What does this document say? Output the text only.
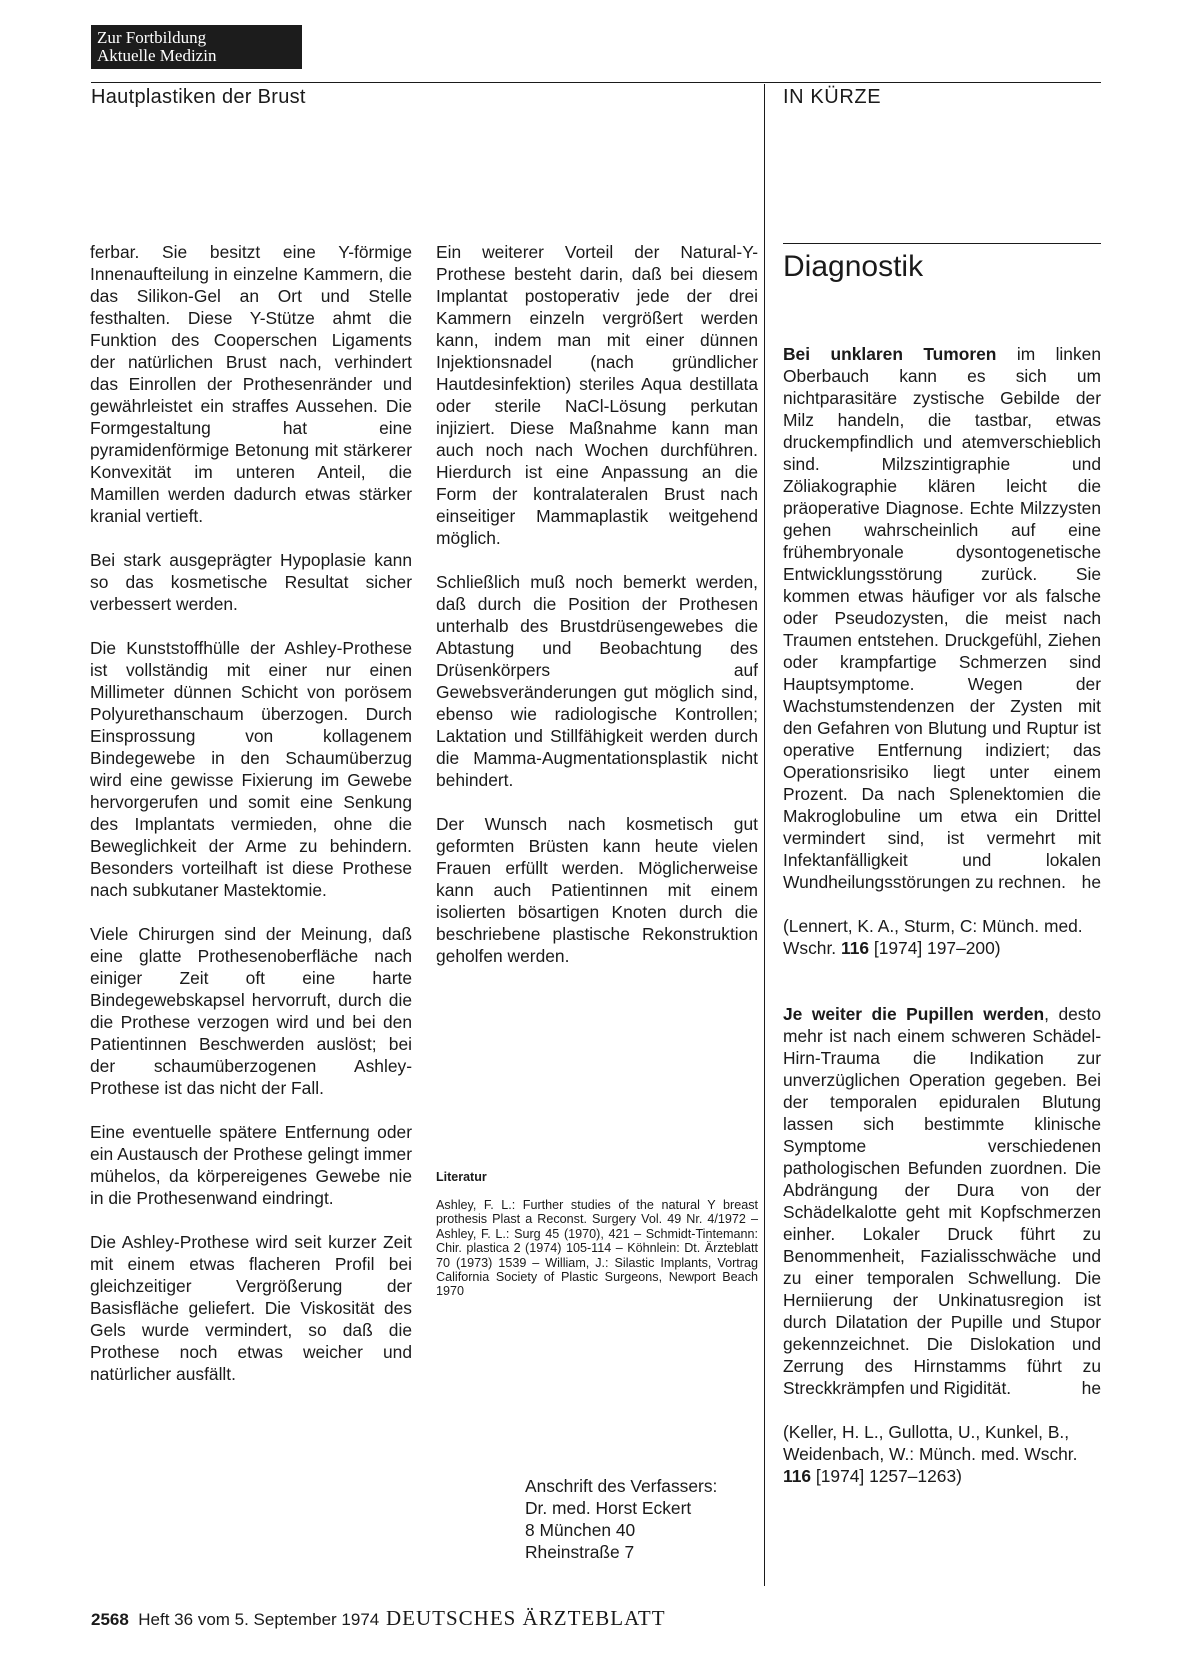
Zur Fortbildung
Aktuelle Medizin
Hautplastiken der Brust	IN KÜRZE

ferbar. Sie besitzt eine Y-förmige Innenaufteilung in einzelne Kammern, die das Silikon-Gel an Ort und Stelle festhalten. Diese Y-Stütze ahmt die Funktion des Cooperschen Ligaments der natürlichen Brust nach, verhindert das Einrollen der Prothesenränder und gewährleistet ein straffes Aussehen. Die Formgestaltung hat eine pyramidenförmige Betonung mit stärkerer Konvexität im unteren Anteil, die Mamillen werden dadurch etwas stärker kranial vertieft.

Bei stark ausgeprägter Hypoplasie kann so das kosmetische Resultat sicher verbessert werden.

Die Kunststoffhülle der Ashley-Prothese ist vollständig mit einer nur einen Millimeter dünnen Schicht von porösem Polyurethanschaum überzogen. Durch Einsprossung von kollagenem Bindegewebe in den Schaumüberzug wird eine gewisse Fixierung im Gewebe hervorgerufen und somit eine Senkung des Implantats vermieden, ohne die Beweglichkeit der Arme zu behindern. Besonders vorteilhaft ist diese Prothese nach subkutaner Mastektomie.

Viele Chirurgen sind der Meinung, daß eine glatte Prothesenoberfläche nach einiger Zeit oft eine harte Bindegewebskapsel hervorruft, durch die die Prothese verzogen wird und bei den Patientinnen Beschwerden auslöst; bei der schaumüberzogenen Ashley-Prothese ist das nicht der Fall.

Eine eventuelle spätere Entfernung oder ein Austausch der Prothese gelingt immer mühelos, da körpereigenes Gewebe nie in die Prothesenwand eindringt.

Die Ashley-Prothese wird seit kurzer Zeit mit einem etwas flacheren Profil bei gleichzeitiger Vergrößerung der Basisfläche geliefert. Die Viskosität des Gels wurde vermindert, so daß die Prothese noch etwas weicher und natürlicher ausfällt.

Ein weiterer Vorteil der Natural-Y-Prothese besteht darin, daß bei diesem Implantat postoperativ jede der drei Kammern einzeln vergrößert werden kann, indem man mit einer dünnen Injektionsnadel (nach gründlicher Hautdesinfektion) steriles Aqua destillata oder sterile NaCl-Lösung perkutan injiziert. Diese Maßnahme kann man auch noch nach Wochen durchführen. Hierdurch ist eine Anpassung an die Form der kontralateralen Brust nach einseitiger Mammaplastik weitgehend möglich.

Schließlich muß noch bemerkt werden, daß durch die Position der Prothesen unterhalb des Brustdrüsengewebes die Abtastung und Beobachtung des Drüsenkörpers auf Gewebsveränderungen gut möglich sind, ebenso wie radiologische Kontrollen; Laktation und Stillfähigkeit werden durch die Mamma-Augmentationsplastik nicht behindert.

Der Wunsch nach kosmetisch gut geformten Brüsten kann heute vielen Frauen erfüllt werden. Möglicherweise kann auch Patientinnen mit einem isolierten bösartigen Knoten durch die beschriebene plastische Rekonstruktion geholfen werden.

Literatur

Ashley, F. L.: Further studies of the natural Y breast prothesis Plast a Reconst. Surgery Vol. 49 Nr. 4/1972 – Ashley, F. L.: Surg 45 (1970), 421 – Schmidt-Tintemann: Chir. plastica 2 (1974) 105-114 – Köhnlein: Dt. Ärzteblatt 70 (1973) 1539 – William, J.: Silastic Implants, Vortrag California Society of Plastic Surgeons, Newport Beach 1970

Anschrift des Verfassers:
Dr. med. Horst Eckert
8 München 40
Rheinstraße 7
Diagnostik

Bei unklaren Tumoren im linken Oberbauch kann es sich um nichtparasitäre zystische Gebilde der Milz handeln, die tastbar, etwas druckempfindlich und atemverschieblich sind. Milzszintigraphie und Zöliakographie klären leicht die präoperative Diagnose. Echte Milzzysten gehen wahrscheinlich auf eine frühembryonale dysontogenetische Entwicklungsstörung zurück. Sie kommen etwas häufiger vor als falsche oder Pseudozysten, die meist nach Traumen entstehen. Druckgefühl, Ziehen oder krampfartige Schmerzen sind Hauptsymptome. Wegen der Wachstumstendenzen der Zysten mit den Gefahren von Blutung und Ruptur ist operative Entfernung indiziert; das Operationsrisiko liegt unter einem Prozent. Da nach Splenektomien die Makroglobuline um etwa ein Drittel vermindert sind, ist vermehrt mit Infektanfälligkeit und lokalen Wundheilungsstörungen zu rechnen. he

(Lennert, K. A., Sturm, C: Münch. med. Wschr. 116 [1974] 197–200)

Je weiter die Pupillen werden, desto mehr ist nach einem schweren Schädel-Hirn-Trauma die Indikation zur unverzüglichen Operation gegeben. Bei der temporalen epiduralen Blutung lassen sich bestimmte klinische Symptome verschiedenen pathologischen Befunden zuordnen. Die Abdrängung der Dura von der Schädelkalotte geht mit Kopfschmerzen einher. Lokaler Druck führt zu Benommenheit, Fazialisschwäche und zu einer temporalen Schwellung. Die Herniierung der Unkinatusregion ist durch Dilatation der Pupille und Stupor gekennzeichnet. Die Dislokation und Zerrung des Hirnstamms führt zu Streckkrämpfen und Rigidität.	he

(Keller, H. L., Gullotta, U., Kunkel, B., Weidenbach, W.: Münch. med. Wschr. 116 [1974] 1257–1263)

2568 Heft 36 vom 5. September 1974 DEUTSCHES ÄRZTEBLATT
